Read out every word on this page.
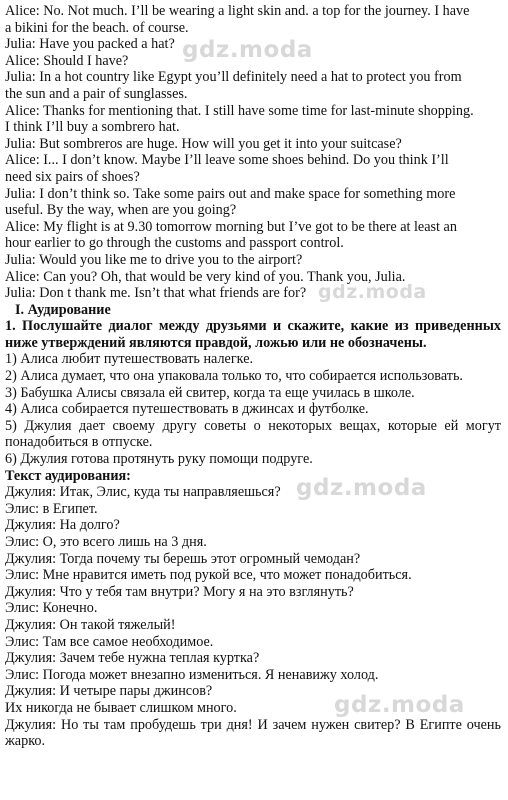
Alice: No. Not much. I’ll be wearing a light skin and. a top for the journey. I have
a bikini for the beach. of course.
Julia: Have you packed a hat?
Alice: Should I have?
Julia: In a hot country like Egypt you’ll definitely need a hat to protect you from
the sun and a pair of sunglasses.
Alice: Thanks for mentioning that. I still have some time for last-minute shopping.
I think I’ll buy a sombrero hat.
Julia: But sombreros are huge. How will you get it into your suitcase?
Alice: I... I don’t know. Maybe I’ll leave some shoes behind. Do you think I’ll
need six pairs of shoes?
Julia: I don’t think so. Take some pairs out and make space for something more
useful. By the way, when are you going?
Alice: My flight is at 9.30 tomorrow morning but I’ve got to be there at least an
hour earlier to go through the customs and passport control.
Julia: Would you like me to drive you to the airport?
Alice: Can you? Oh, that would be very kind of you. Thank you, Julia.
Julia: Don t thank me. Isn’t that what friends are for?
I. Аудирование
1. Послушайте диалог между друзьями и скажите, какие из приведенных ниже утверждений являются правдой, ложью или не обозначены.
1) Алиса любит путешествовать налегке.
2) Алиса думает, что она упаковала только то, что собирается использовать.
3) Бабушка Алисы связала ей свитер, когда та еще училась в школе.
4) Алиса собирается путешествовать в джинсах и футболке.
5) Джулия дает своему другу советы о некоторых вещах, которые ей могут понадобиться в отпуске.
6) Джулия готова протянуть руку помощи подруге.
Текст аудирования:
Джулия: Итак, Элис, куда ты направляешься?
Элис: в Египет.
Джулия: На долго?
Элис: О, это всего лишь на 3 дня.
Джулия: Тогда почему ты берешь этот огромный чемодан?
Элис: Мне нравится иметь под рукой все, что может понадобиться.
Джулия: Что у тебя там внутри? Могу я на это взглянуть?
Элис: Конечно.
Джулия: Он такой тяжелый!
Элис: Там все самое необходимое.
Джулия: Зачем тебе нужна теплая куртка?
Элис: Погода может внезапно измениться. Я ненавижу холод.
Джулия: И четыре пары джинсов?
Их никогда не бывает слишком много.
Джулия: Но ты там пробудешь три дня! И зачем нужен свитер? В Египте очень жарко.
gdz.moda
gdz.moda
gdz.moda
gdz.moda
